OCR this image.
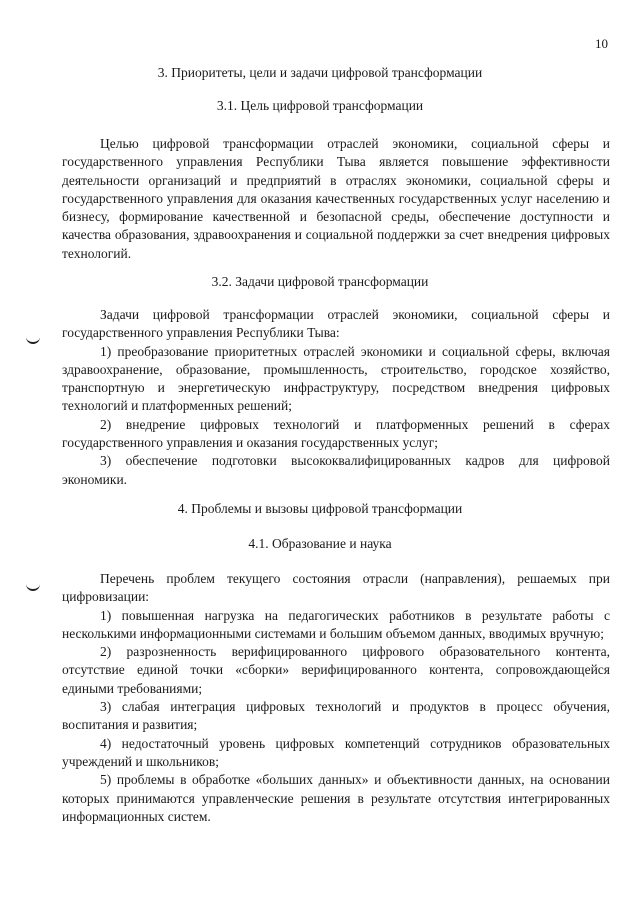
10
3. Приоритеты, цели и задачи цифровой трансформации
3.1. Цель цифровой трансформации

Целью цифровой трансформации отраслей экономики, социальной сферы и государственного управления Республики Тыва является повышение эффективности деятельности организаций и предприятий в отраслях экономики, социальной сферы и государственного управления для оказания качественных государственных услуг населению и бизнесу, формирование качественной и безопасной среды, обеспечение доступности и качества образования, здравоохранения и социальной поддержки за счет внедрения цифровых технологий.

3.2. Задачи цифровой трансформации

Задачи цифровой трансформации отраслей экономики, социальной сферы и государственного управления Республики Тыва:
1) преобразование приоритетных отраслей экономики и социальной сферы, включая здравоохранение, образование, промышленность, строительство, городское хозяйство, транспортную и энергетическую инфраструктуру, посредством внедрения цифровых технологий и платформенных решений;
2) внедрение цифровых технологий и платформенных решений в сферах государственного управления и оказания государственных услуг;
3) обеспечение подготовки высококвалифицированных кадров для цифровой экономики.

4. Проблемы и вызовы цифровой трансформации
4.1. Образование и наука

Перечень проблем текущего состояния отрасли (направления), решаемых при цифровизации:
1) повышенная нагрузка на педагогических работников в результате работы с несколькими информационными системами и большим объемом данных, вводимых вручную;
2) разрозненность верифицированного цифрового образовательного контента, отсутствие единой точки «сборки» верифицированного контента, сопровождающейся едиными требованиями;
3) слабая интеграция цифровых технологий и продуктов в процесс обучения, воспитания и развития;
4) недостаточный уровень цифровых компетенций сотрудников образовательных учреждений и школьников;
5) проблемы в обработке «больших данных» и объективности данных, на основании которых принимаются управленческие решения в результате отсутствия интегрированных информационных систем.
